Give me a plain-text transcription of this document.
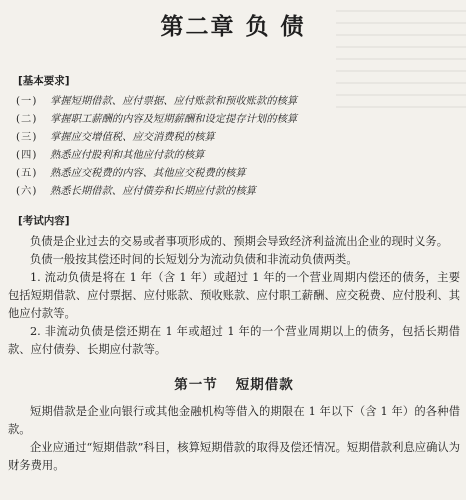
第二章 负 债
[基本要求]
(一) 掌握短期借款、应付票据、应付账款和预收账款的核算
(二) 掌握职工薪酬的内容及短期薪酬和设定提存计划的核算
(三) 掌握应交增值税、应交消费税的核算
(四) 熟悉应付股利和其他应付款的核算
(五) 熟悉应交税费的内容、其他应交税费的核算
(六) 熟悉长期借款、应付债券和长期应付款的核算
[考试内容]

负债是企业过去的交易或者事项形成的、预期会导致经济利益流出企业的现时义务。

负债一般按其偿还时间的长短划分为流动负债和非流动负债两类。

1. 流动负债是将在 1 年（含 1 年）或超过 1 年的一个营业周期内偿还的债务，主要包括短期借款、应付票据、应付账款、预收账款、应付职工薪酬、应交税费、应付股利、其他应付款等。

2. 非流动负债是偿还期在 1 年或超过 1 年的一个营业周期以上的债务，包括长期借款、应付债券、长期应付款等。

第一节 短期借款

短期借款是企业向银行或其他金融机构等借入的期限在 1 年以下（含 1 年）的各种借款。

企业应通过“短期借款”科目，核算短期借款的取得及偿还情况。短期借款利息应确认为财务费用。
